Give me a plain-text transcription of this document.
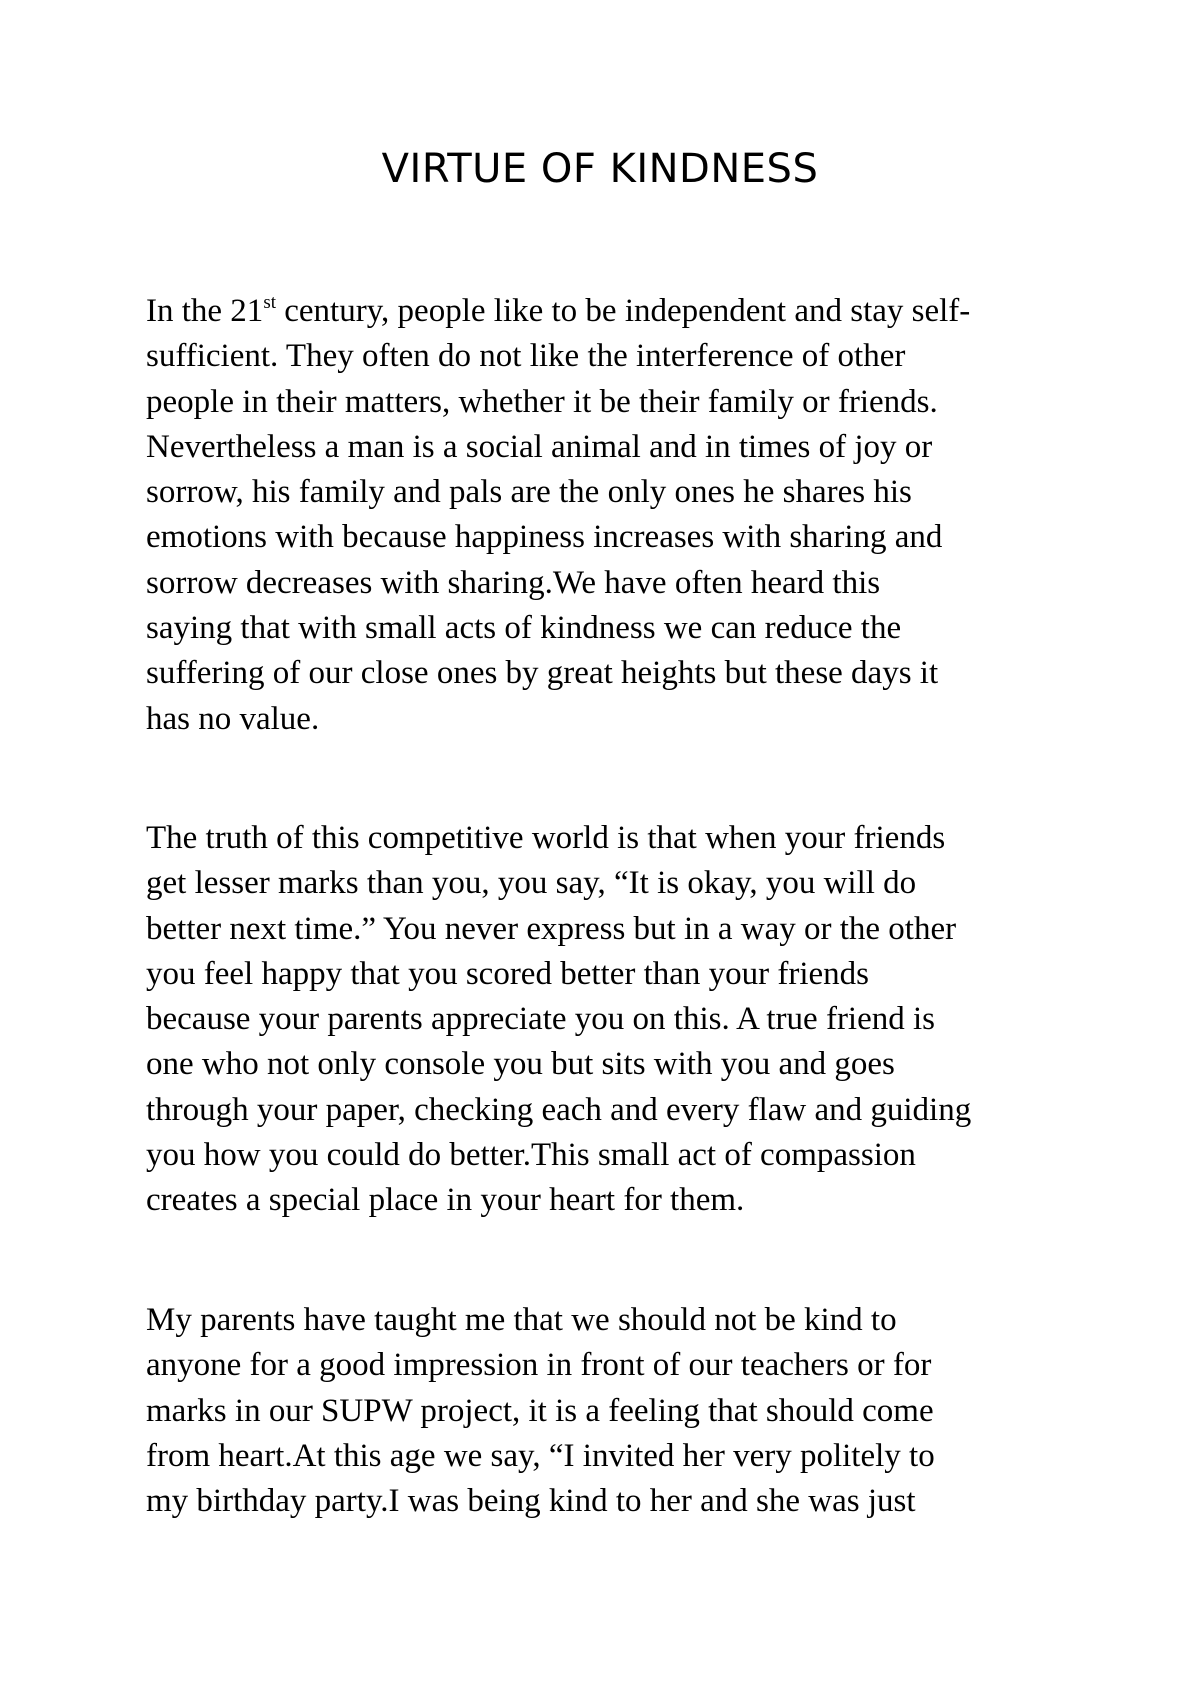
VIRTUE OF KINDNESS
In the 21st century, people like to be independent and stay self-
sufficient. They often do not like the interference of other
people in their matters, whether it be their family or friends.
Nevertheless a man is a social animal and in times of joy or
sorrow, his family and pals are the only ones he shares his
emotions with because happiness increases with sharing and
sorrow decreases with sharing.We have often heard this
saying that with small acts of kindness we can reduce the
suffering of our close ones by great heights but these days it
has no value.
The truth of this competitive world is that when your friends
get lesser marks than you, you say, “It is okay, you will do
better next time.” You never express but in a way or the other
you feel happy that you scored better than your friends
because your parents appreciate you on this. A true friend is
one who not only console you but sits with you and goes
through your paper, checking each and every flaw and guiding
you how you could do better.This small act of compassion
creates a special place in your heart for them.
My parents have taught me that we should not be kind to
anyone for a good impression in front of our teachers or for
marks in our SUPW project, it is a feeling that should come
from heart.At this age we say, “I invited her very politely to
my birthday party.I was being kind to her and she was just
